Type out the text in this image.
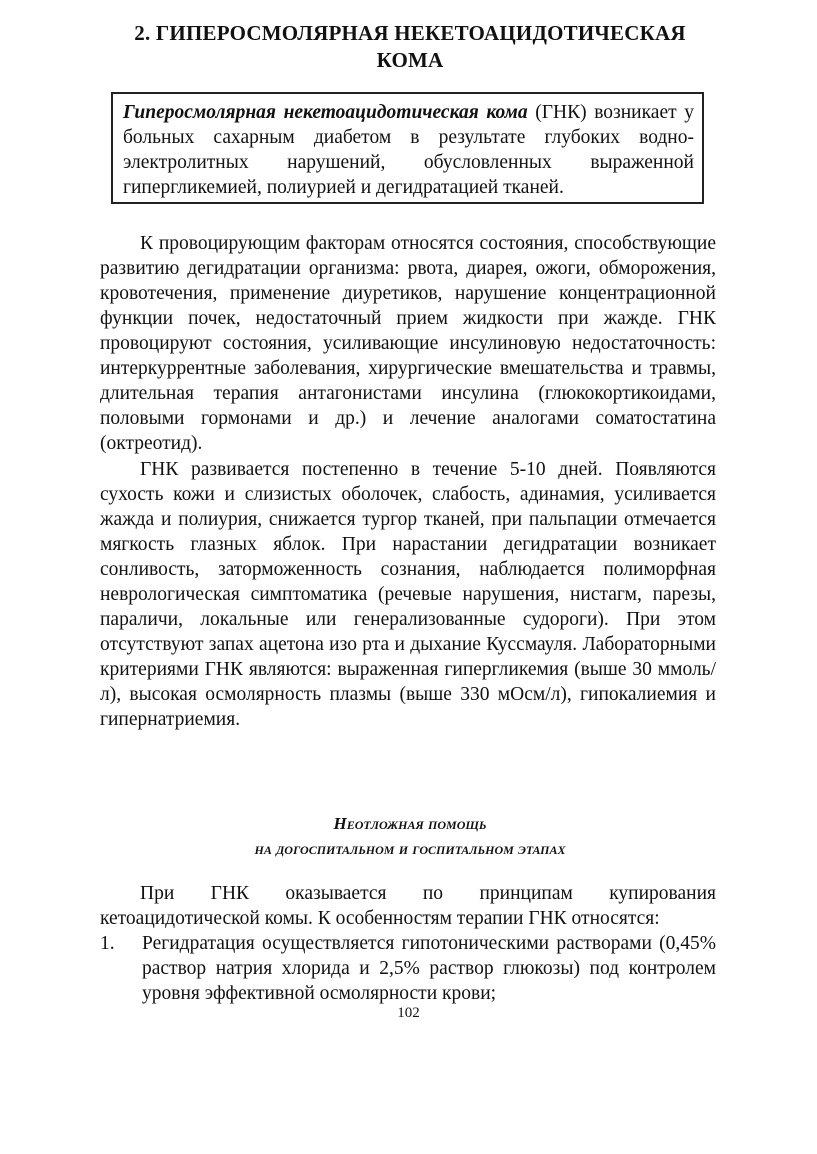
2. ГИПЕРОСМОЛЯРНАЯ НЕКЕТОАЦИДОТИЧЕСКАЯ
КОМА
Гиперосмолярная некетоацидотическая кома (ГНК) возникает у больных сахарным диабетом в результате глубоких водно-электролитных нарушений, обусловленных выраженной гипергликемией, полиурией и дегидратацией тканей.

К провоцирующим факторам относятся состояния, способствующие развитию дегидратации организма: рвота, диарея, ожоги, обморожения, кровотечения, применение диуретиков, нарушение концентрационной функции почек, недостаточный прием жидкости при жажде. ГНК провоцируют состояния, усиливающие инсулиновую недостаточность: интеркуррентные заболевания, хирургические вмешательства и травмы, длительная терапия антагонистами инсулина (глюкокортикоидами, половыми гормонами и др.) и лечение аналогами соматостатина (октреотид).

ГНК развивается постепенно в течение 5-10 дней. Появляются сухость кожи и слизистых оболочек, слабость, адинамия, усиливается жажда и полиурия, снижается тургор тканей, при пальпации отмечается мягкость глазных яблок. При нарастании дегидратации возникает сонливость, заторможенность сознания, наблюдается полиморфная неврологическая симптоматика (речевые нарушения, нистагм, парезы, параличи, локальные или генерализованные судороги). При этом отсутствуют запах ацетона изо рта и дыхание Куссмауля. Лабораторными критериями ГНК являются: выраженная гипергликемия (выше 30 ммоль/л), высокая осмолярность плазмы (выше 330 мОсм/л), гипокалиемия и гипернатриемия.

Неотложная помощь
на догоспитальном и госпитальном этапах

При ГНК оказывается по принципам купирования кетоацидотической комы. К особенностям терапии ГНК относятся:

1.	Регидратация осуществляется гипотоническими растворами (0,45% раствор натрия хлорида и 2,5% раствор глюкозы) под контролем уровня эффективной осмолярности крови;
102
